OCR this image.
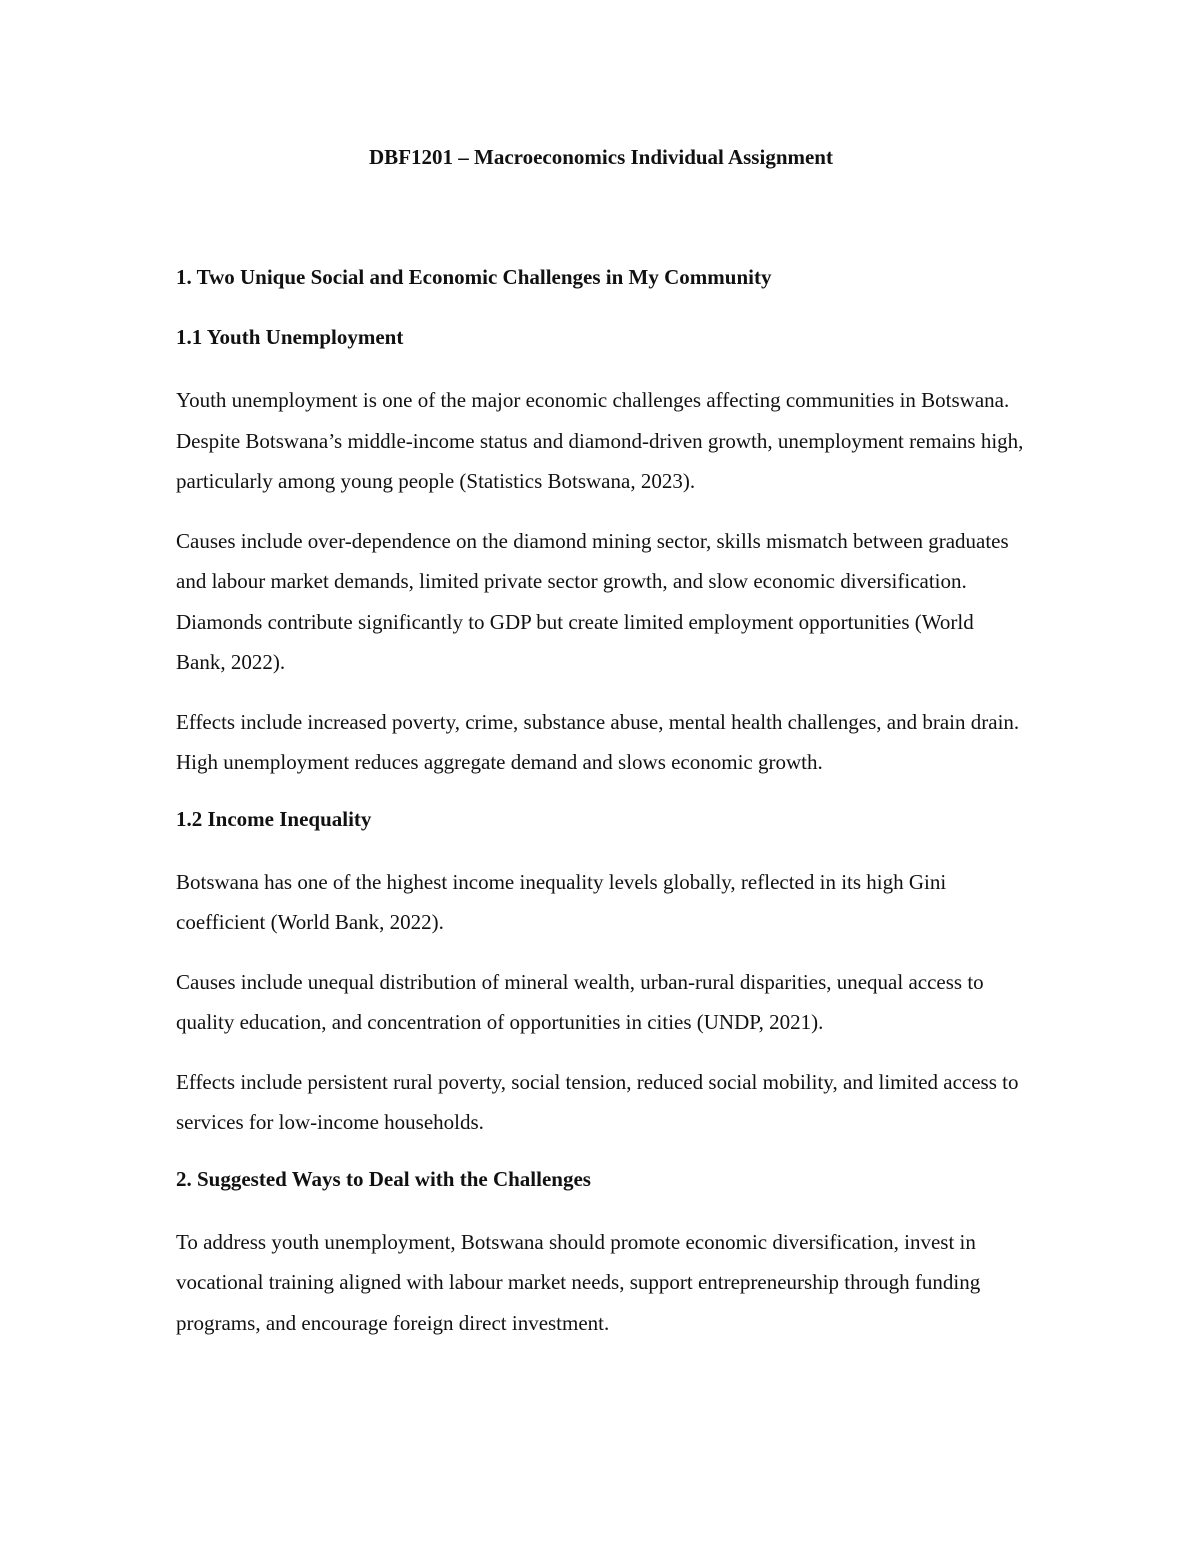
DBF1201 – Macroeconomics Individual Assignment
1. Two Unique Social and Economic Challenges in My Community
1.1 Youth Unemployment

Youth unemployment is one of the major economic challenges affecting communities in Botswana. Despite Botswana’s middle-income status and diamond-driven growth, unemployment remains high, particularly among young people (Statistics Botswana, 2023).

Causes include over-dependence on the diamond mining sector, skills mismatch between graduates and labour market demands, limited private sector growth, and slow economic diversification. Diamonds contribute significantly to GDP but create limited employment opportunities (World Bank, 2022).

Effects include increased poverty, crime, substance abuse, mental health challenges, and brain drain. High unemployment reduces aggregate demand and slows economic growth.

1.2 Income Inequality

Botswana has one of the highest income inequality levels globally, reflected in its high Gini coefficient (World Bank, 2022).

Causes include unequal distribution of mineral wealth, urban-rural disparities, unequal access to quality education, and concentration of opportunities in cities (UNDP, 2021).

Effects include persistent rural poverty, social tension, reduced social mobility, and limited access to services for low-income households.

2. Suggested Ways to Deal with the Challenges

To address youth unemployment, Botswana should promote economic diversification, invest in vocational training aligned with labour market needs, support entrepreneurship through funding programs, and encourage foreign direct investment.
